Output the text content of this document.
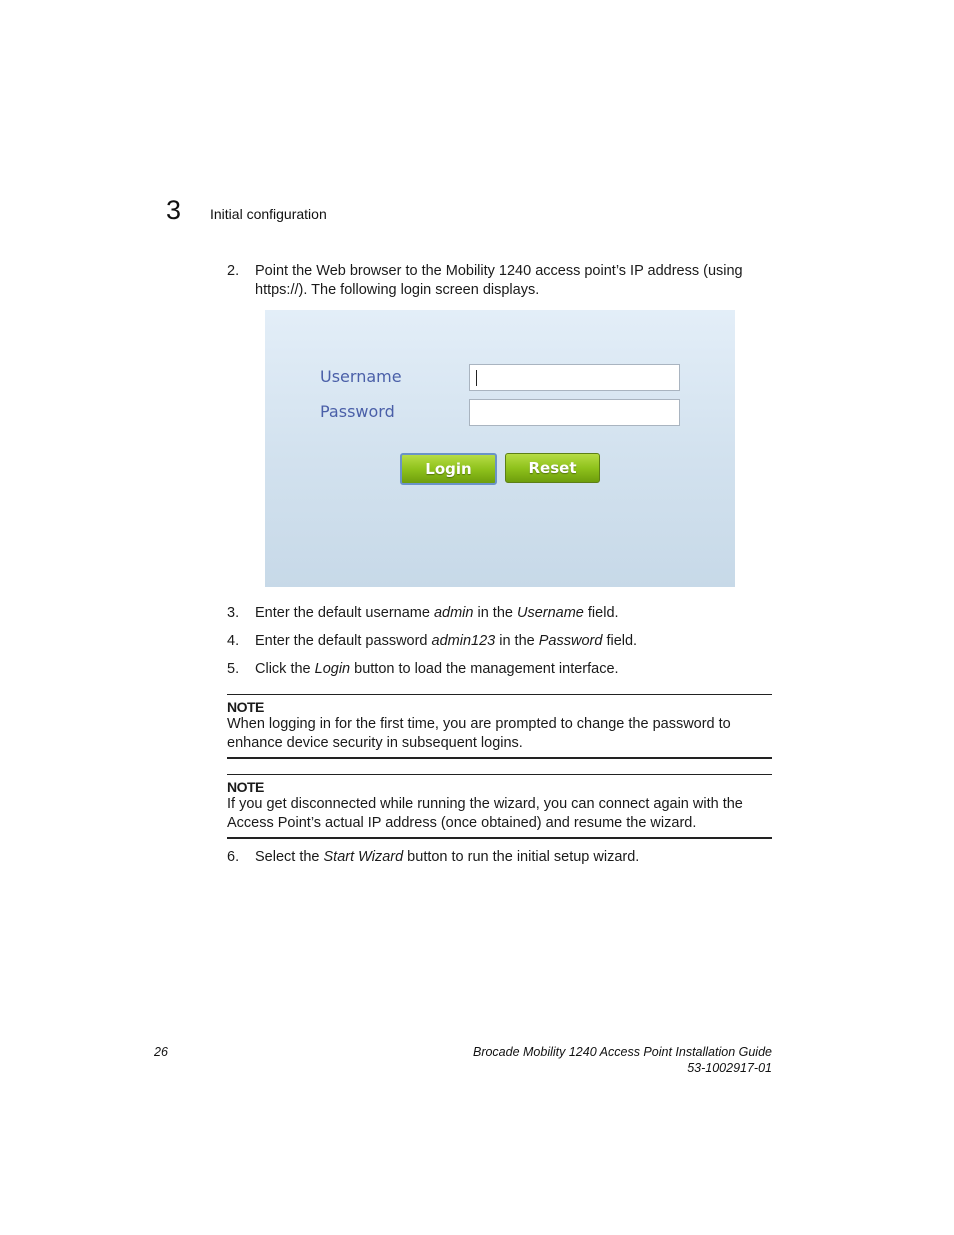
3 Initial configuration
2.	Point the Web browser to the Mobility 1240 access point’s IP address (using https://). The following login screen displays.
Username
Password
Login	Reset
3.	Enter the default username admin in the Username field.
4.	Enter the default password admin123 in the Password field.
5.	Click the Login button to load the management interface.
NOTE
When logging in for the first time, you are prompted to change the password to enhance device security in subsequent logins.
NOTE
If you get disconnected while running the wizard, you can connect again with the Access Point’s actual IP address (once obtained) and resume the wizard.
6.	Select the Start Wizard button to run the initial setup wizard.
26	Brocade Mobility 1240 Access Point Installation Guide
53-1002917-01
